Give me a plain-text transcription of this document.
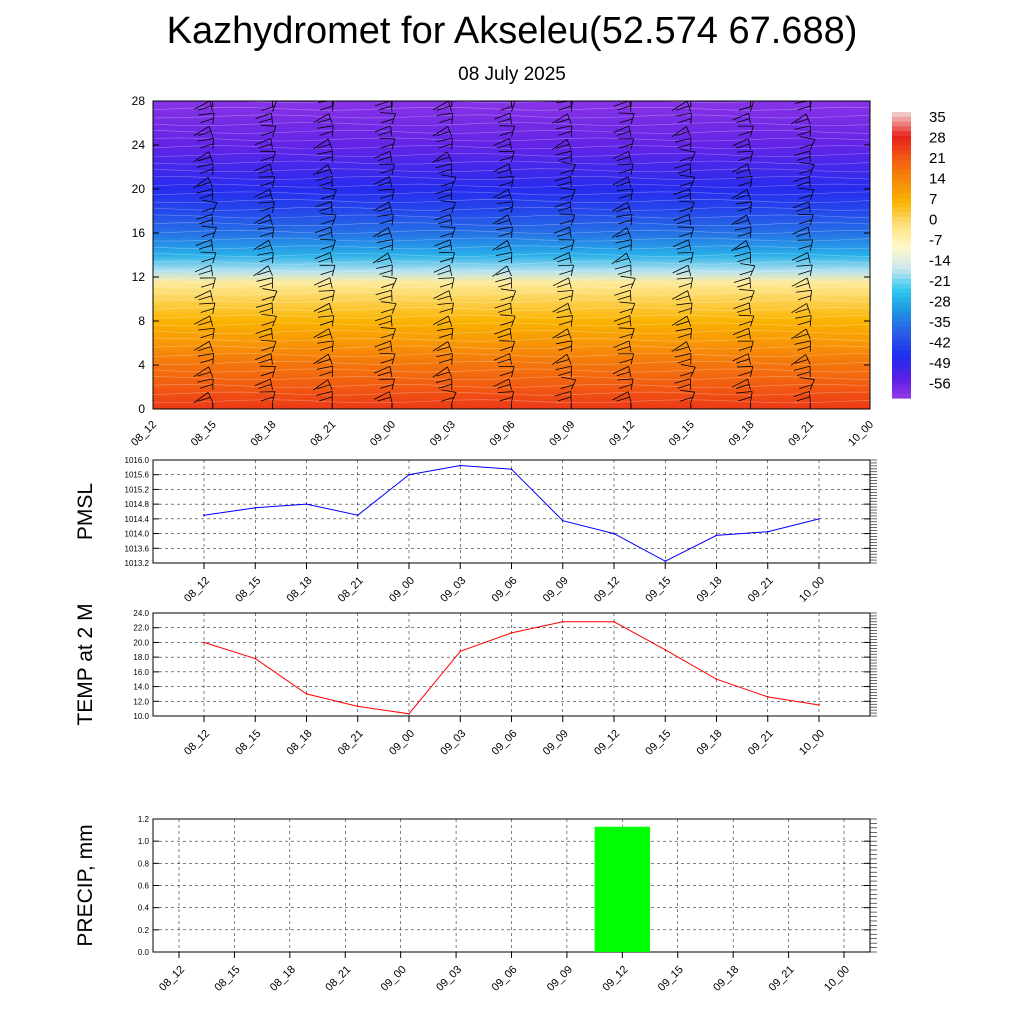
Kazhydromet for Akseleu(52.574 67.688)
08 July 2025
0
4
8
12
16
20
24
28
08_12	08_15	08_18	08_21	09_00	09_03	09_06	09_09	09_12	09_15	09_18	09_21	10_00
35
28
21
14
7
0
-7
-14
-21
-28
-35
-42
-49
-56
1016.0
1015.6
1015.2
1014.8
1014.4
1014.0
1013.6
1013.2
08_12 08_15 08_18 08_21 09_00 09_03 09_06 09_09 09_12 09_15 09_18 09_21 10_00
PMSL
24.0
22.0
20.0
18.0
16.0
14.0
12.0
10.0
08_12 08_15 08_18 08_21 09_00 09_03 09_06 09_09 09_12 09_15 09_18 09_21 10_00
TEMP at 2 M
1.2
1.0
0.8
0.6
0.4
0.2
0.0
08_12 08_15 08_18 08_21 09_00 09_03 09_06 09_09 09_12 09_15 09_18 09_21 10_00
PRECIP, mm
